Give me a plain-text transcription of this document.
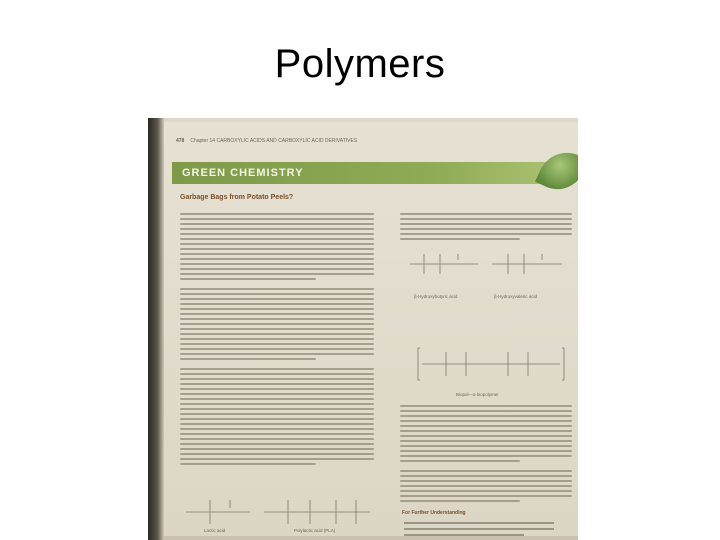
Polymers
478 Chapter 14 CARBOXYLIC ACIDS AND CARBOXYLIC ACID DERIVATIVES
GREEN CHEMISTRY
Garbage Bags from Potato Peels?
β-Hydroxybutyric acid	β-Hydroxyvaleric acid
Biopol—a biopolymer
For Further Understanding
Lactic acid	Polylactic acid (PLA)
